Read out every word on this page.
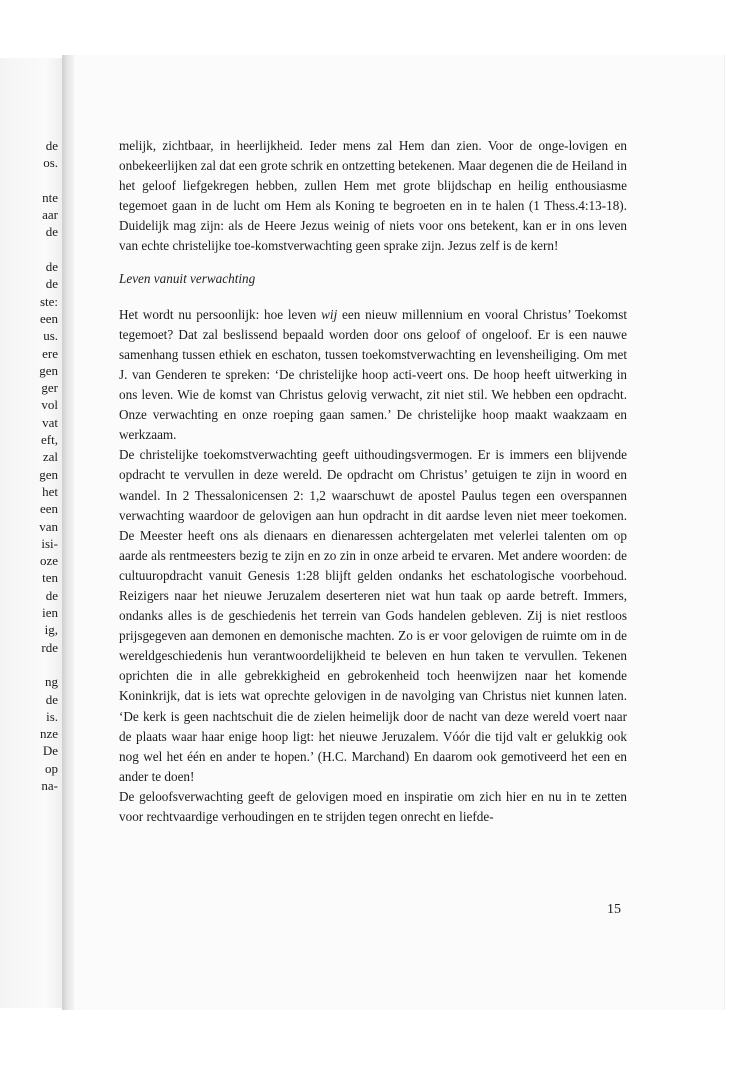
de
os.
nte
aar
de
de
de
ste:
een
us.
ere
gen
ger
vol
vat
eft,
zal
gen
het
een
van
isi-
oze
ten
de
ien
ig,
rde
ng
de
is.
nze
De
op
na-

melijk, zichtbaar, in heerlijkheid. Ieder mens zal Hem dan zien. Voor de onge-lovigen en onbekeerlijken zal dat een grote schrik en ontzetting betekenen. Maar degenen die de Heiland in het geloof liefgekregen hebben, zullen Hem met grote blijdschap en heilig enthousiasme tegemoet gaan in de lucht om Hem als Koning te begroeten en in te halen (1 Thess.4:13-18). Duidelijk mag zijn: als de Heere Jezus weinig of niets voor ons betekent, kan er in ons leven van echte christelijke toe-komstverwachting geen sprake zijn. Jezus zelf is de kern!

Leven vanuit verwachting

Het wordt nu persoonlijk: hoe leven wij een nieuw millennium en vooral Christus’ Toekomst tegemoet? Dat zal beslissend bepaald worden door ons geloof of ongeloof. Er is een nauwe samenhang tussen ethiek en eschaton, tussen toekomstverwachting en levensheiliging. Om met J. van Genderen te spreken: ‘De christelijke hoop acti-veert ons. De hoop heeft uitwerking in ons leven. Wie de komst van Christus gelovig verwacht, zit niet stil. We hebben een opdracht. Onze verwachting en onze roeping gaan samen.’ De christelijke hoop maakt waakzaam en werkzaam.

De christelijke toekomstverwachting geeft uithoudingsvermogen. Er is immers een blijvende opdracht te vervullen in deze wereld. De opdracht om Christus’ getuigen te zijn in woord en wandel. In 2 Thessalonicensen 2: 1,2 waarschuwt de apostel Paulus tegen een overspannen verwachting waardoor de gelovigen aan hun opdracht in dit aardse leven niet meer toekomen. De Meester heeft ons als dienaars en dienaressen achtergelaten met velerlei talenten om op aarde als rentmeesters bezig te zijn en zo zin in onze arbeid te ervaren. Met andere woorden: de cultuuropdracht vanuit Genesis 1:28 blijft gelden ondanks het eschatologische voorbehoud. Reizigers naar het nieuwe Jeruzalem deserteren niet wat hun taak op aarde betreft. Immers, ondanks alles is de geschiedenis het terrein van Gods handelen gebleven. Zij is niet restloos prijsgegeven aan demonen en demonische machten. Zo is er voor gelovigen de ruimte om in de wereldgeschiedenis hun verantwoordelijkheid te beleven en hun taken te vervullen. Tekenen oprichten die in alle gebrekkigheid en gebrokenheid toch heenwijzen naar het komende Koninkrijk, dat is iets wat oprechte gelovigen in de navolging van Christus niet kunnen laten. ‘De kerk is geen nachtschuit die de zielen heimelijk door de nacht van deze wereld voert naar de plaats waar haar enige hoop ligt: het nieuwe Jeruzalem. Vóór die tijd valt er gelukkig ook nog wel het één en ander te hopen.’ (H.C. Marchand) En daarom ook gemotiveerd het een en ander te doen!

De geloofsverwachting geeft de gelovigen moed en inspiratie om zich hier en nu in te zetten voor rechtvaardige verhoudingen en te strijden tegen onrecht en liefde-

15
